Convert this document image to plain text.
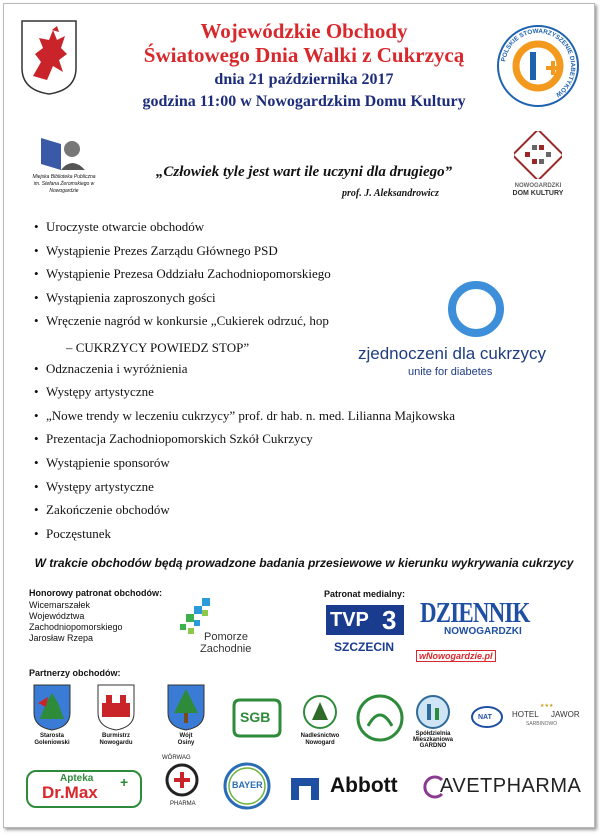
Wojewódzkie Obchody
Światowego Dnia Walki z Cukrzycą
dnia 21 października 2017
godzina 11:00 w Nowogardzkim Domu Kultury
POLSKIE STOWARZYSZENIE DIABETYKÓW
Miejska Biblioteka Publiczna im. Stefana Żeromskiego w Nowogardzie
„Człowiek tyle jest wart ile uczyni dla drugiego”
prof. J. Aleksandrowicz
NOWOGARDZKI
DOM KULTURY
• Uroczyste otwarcie obchodów
• Wystąpienie Prezes Zarządu Głównego PSD
• Wystąpienie Prezesa Oddziału Zachodniopomorskiego
• Wystąpienia zaproszonych gości
• Wręczenie nagród w konkursie „Cukierek odrzuć, hop
• Odznaczenia i wyróżnienia
• Występy artystyczne
• „Nowe trendy w leczeniu cukrzycy” prof. dr hab. n. med. Lilianna Majkowska
• Prezentacja Zachodniopomorskich Szkół Cukrzycy
• Wystąpienie sponsorów
• Występy artystyczne
• Zakończenie obchodów
• Poczęstunek
– CUKRZYCY POWIEDZ STOP”	zjednoczeni dla cukrzycy
unite for diabetes
W trakcie obchodów będą prowadzone badania przesiewowe w kierunku wykrywania cukrzycy
Honorowy patronat obchodów:
Wicemarszałek
Województwa
Zachodniopomorskiego
Jarosław Rzepa	Pomorze
Zachodnie
Patronat medialny:
TVP 3
SZCZECIN
DZIENNIK
NOWOGARDZKI
wNowogardzie.pl
Partnerzy obchodów:
Starosta
Goleniowski
Burmistrz
Nowogardu
Wójt
Osiny
SGB
Nadleśnictwo
Nowogard
Spółdzielnia
Mieszkaniowa
GARDNO
NAT	HOTEL
★★★
JAWOR
SARBINOWO
Apteka
Dr.Max
+
WÖRWAG
PHARMA
BAYER	Abbott AVETPHARMA
